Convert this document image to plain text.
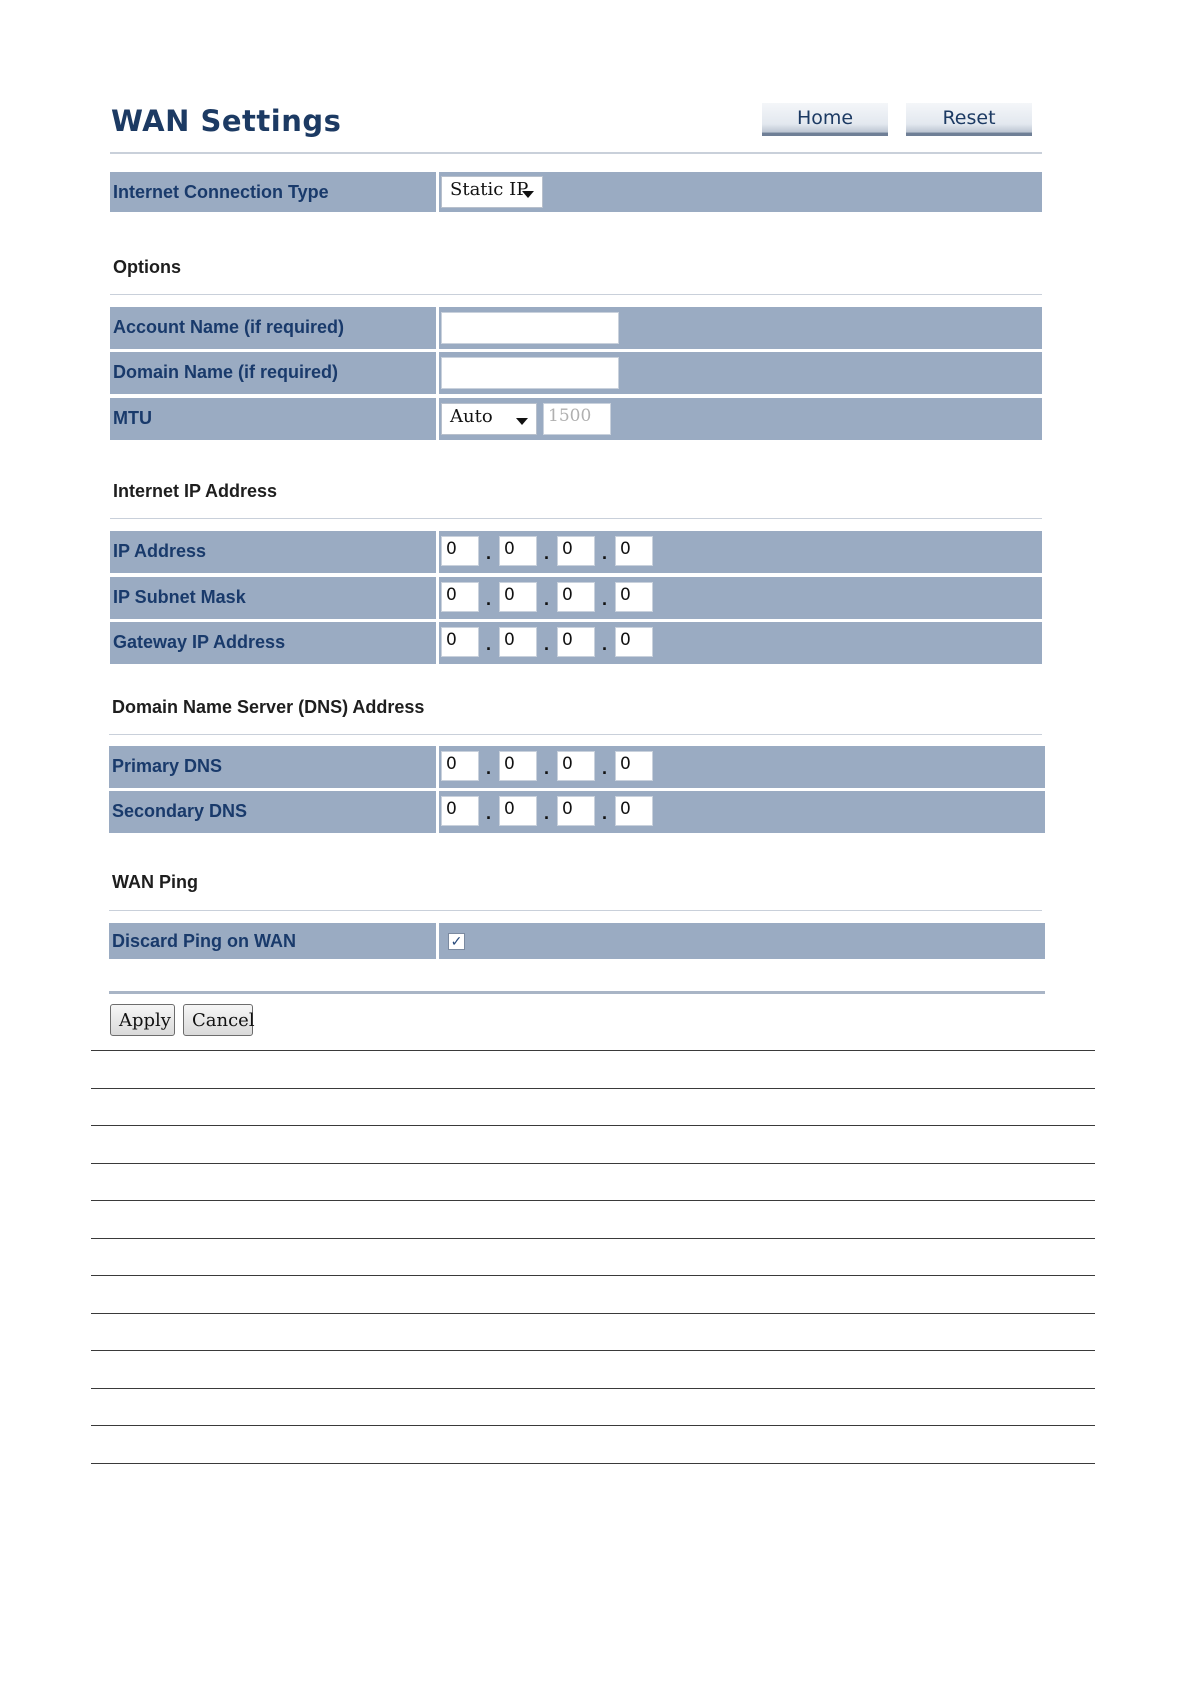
WAN Settings	Home	Reset
Internet Connection Type	Static IP
Options
Account Name (if required)
Domain Name (if required)
MTU	Auto	1500
Internet IP Address
IP Address	0	. 0	. 0	. 0
IP Subnet Mask	0	. 0	. 0	. 0
Gateway IP Address	0	. 0	. 0	. 0
Domain Name Server (DNS) Address
Primary DNS	0	. 0	. 0	. 0
Secondary DNS	0	. 0	. 0	. 0
WAN Ping
Discard Ping on WAN	✓
Apply	Cancel
